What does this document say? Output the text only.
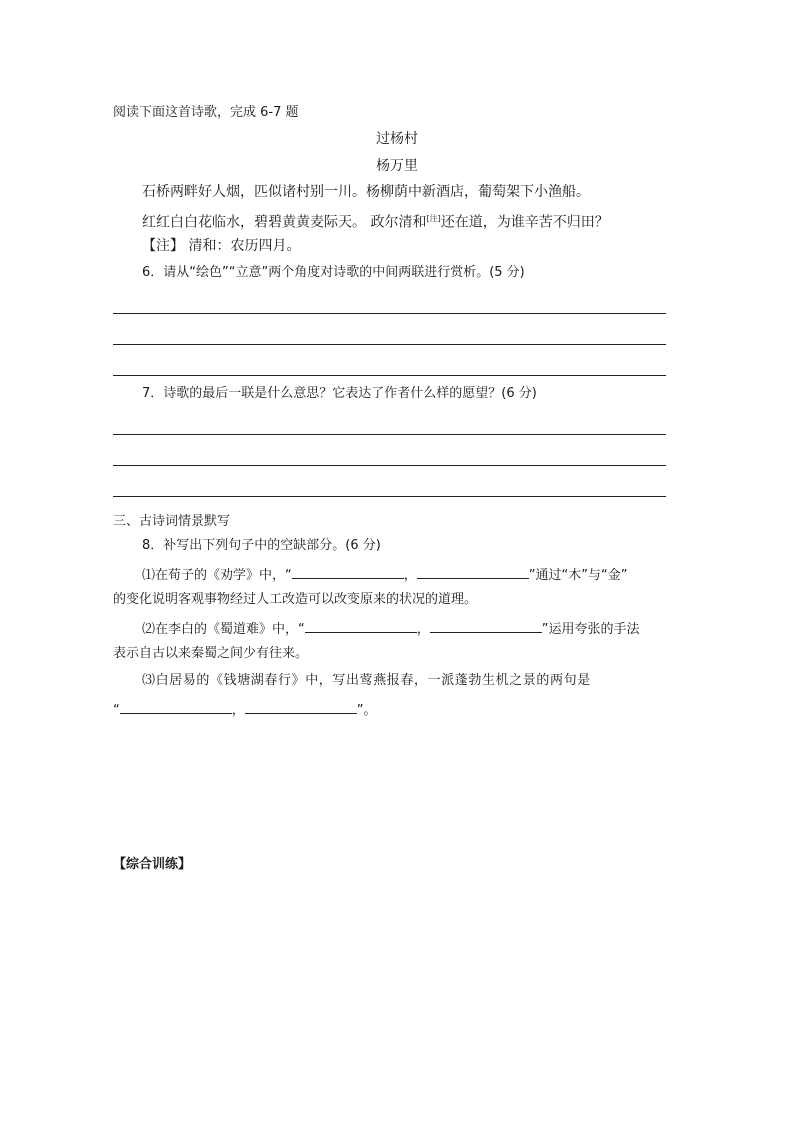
阅读下面这首诗歌，完成 6-7 题
过杨村
杨万里
石桥两畔好人烟，匹似诸村别一川。杨柳荫中新酒店，葡萄架下小渔船。
红红白白花临水，碧碧黄黄麦际天。 政尔清和[注]还在道，为谁辛苦不归田？
【注】 清和：农历四月。
6．请从“绘色”“立意”两个角度对诗歌的中间两联进行赏析。(5 分)
7．诗歌的最后一联是什么意思？它表达了作者什么样的愿望？(6 分)
三、古诗词情景默写
8．补写出下列句子中的空缺部分。(6 分)
⑴在荀子的《劝学》中，“	，	”通过“木”与“金”
的变化说明客观事物经过人工改造可以改变原来的状况的道理。
⑵在李白的《蜀道难》中，“	，	”运用夸张的手法
表示自古以来秦蜀之间少有往来。
⑶白居易的《钱塘湖春行》中，写出莺燕报春，一派蓬勃生机之景的两句是
“	，	”。
【综合训练】
